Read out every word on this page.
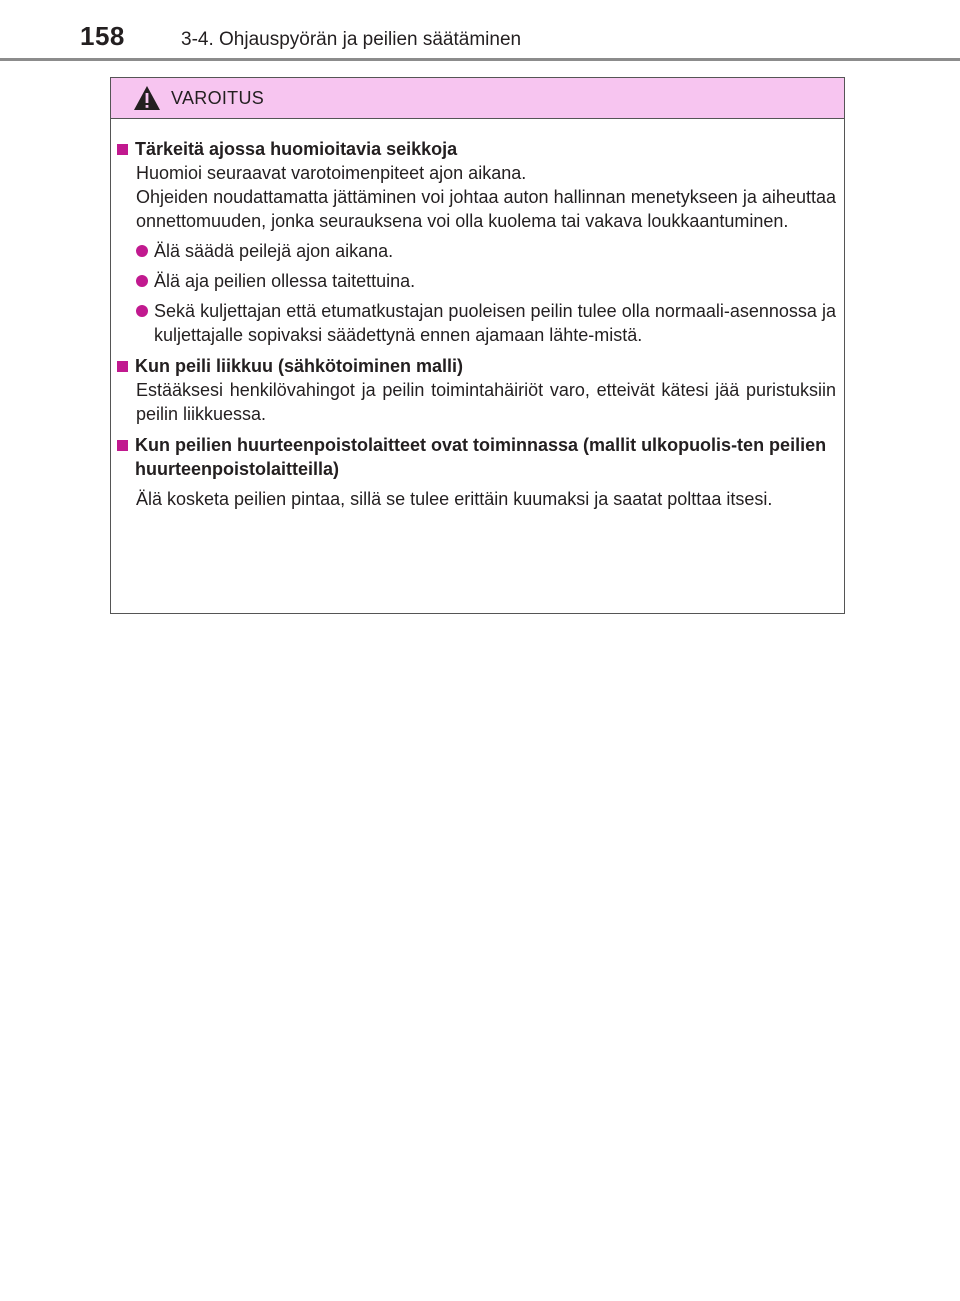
158	3-4. Ohjauspyörän ja peilien säätäminen
VAROITUS
Tärkeitä ajossa huomioitavia seikkoja
Huomioi seuraavat varotoimenpiteet ajon aikana.
Ohjeiden noudattamatta jättäminen voi johtaa auton hallinnan menetykseen ja aiheuttaa onnettomuuden, jonka seurauksena voi olla kuolema tai vakava loukkaantuminen.
Älä säädä peilejä ajon aikana.
Älä aja peilien ollessa taitettuina.
Sekä kuljettajan että etumatkustajan puoleisen peilin tulee olla normaali-asennossa ja kuljettajalle sopivaksi säädettynä ennen ajamaan lähte-mistä.
Kun peili liikkuu (sähkötoiminen malli)
Estääksesi henkilövahingot ja peilin toimintahäiriöt varo, etteivät kätesi jää puristuksiin peilin liikkuessa.
Kun peilien huurteenpoistolaitteet ovat toiminnassa (mallit ulkopuolis-ten peilien huurteenpoistolaitteilla)
Älä kosketa peilien pintaa, sillä se tulee erittäin kuumaksi ja saatat polttaa itsesi.
